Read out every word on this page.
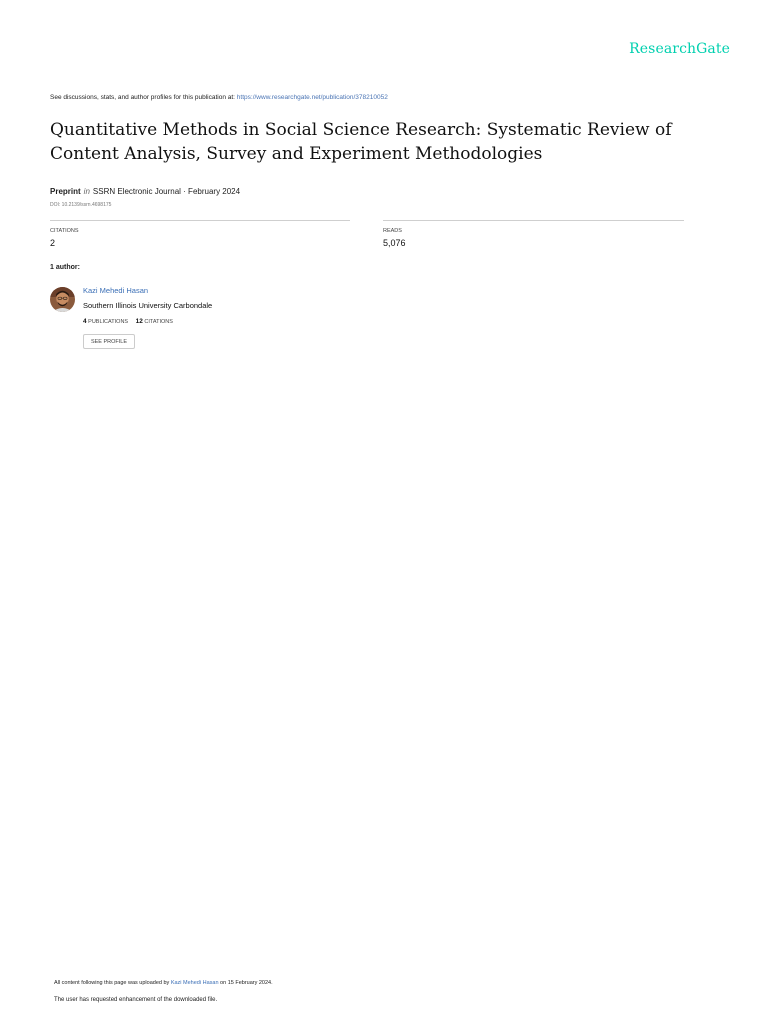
ResearchGate
See discussions, stats, and author profiles for this publication at: https://www.researchgate.net/publication/378210052
Quantitative Methods in Social Science Research: Systematic Review of Content Analysis, Survey and Experiment Methodologies
Preprint in SSRN Electronic Journal · February 2024
DOI: 10.2139/ssrn.4698175
CITATIONS
2
READS
5,076
1 author:
Kazi Mehedi Hasan
Southern Illinois University Carbondale
4 PUBLICATIONS 12 CITATIONS
SEE PROFILE
All content following this page was uploaded by Kazi Mehedi Hasan on 15 February 2024.
The user has requested enhancement of the downloaded file.
